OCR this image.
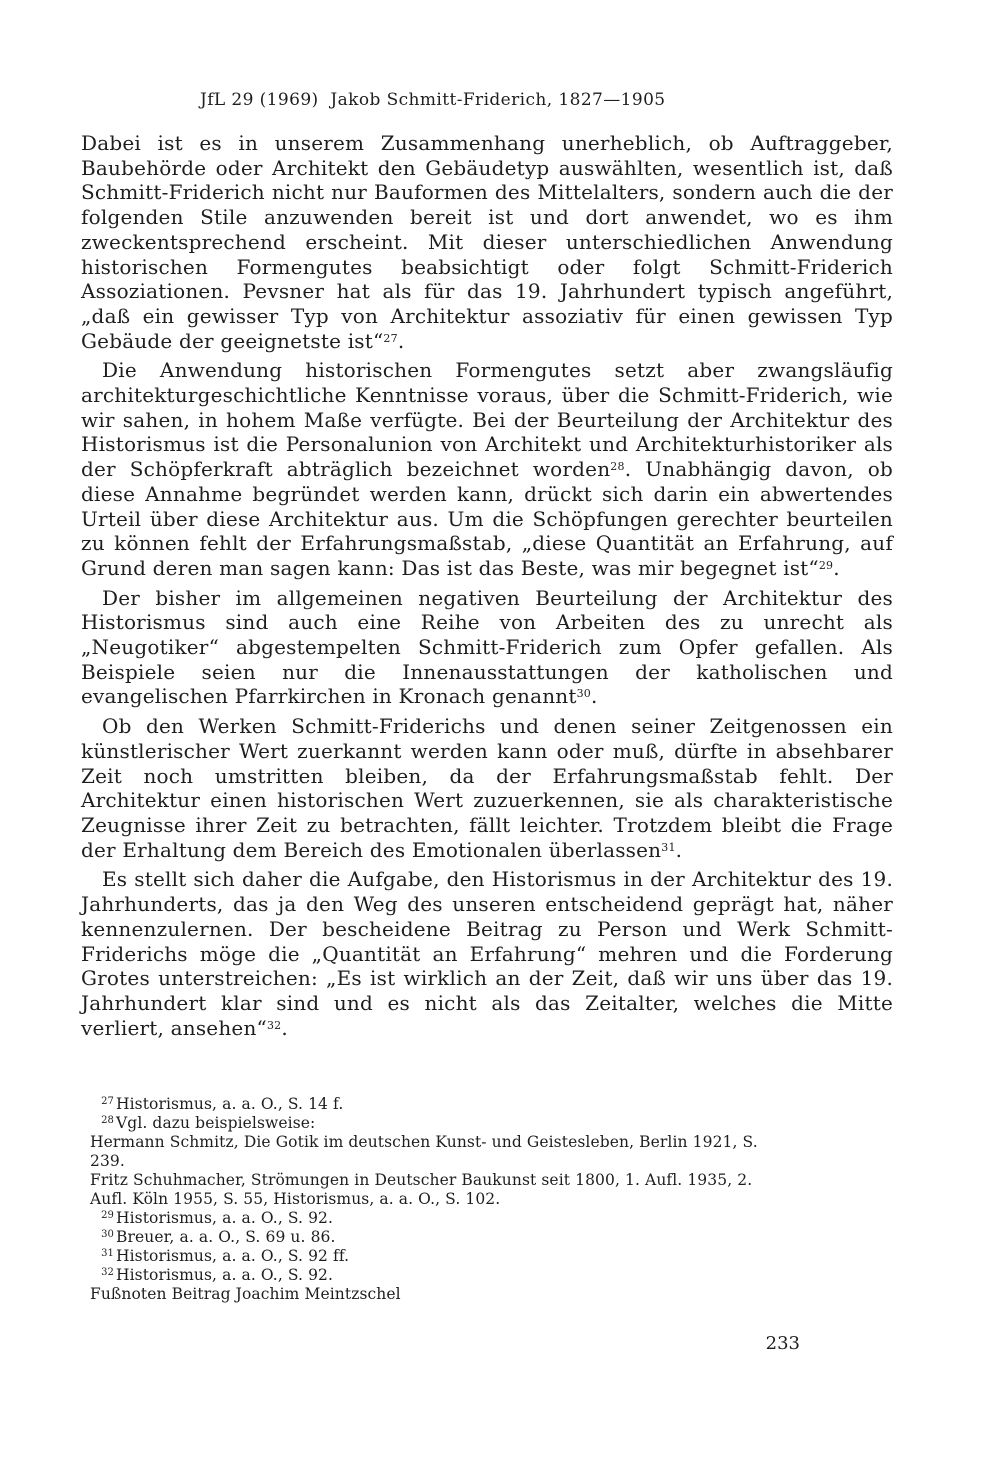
JfL 29 (1969) Jakob Schmitt-Friderich, 1827—1905

Dabei ist es in unserem Zusammenhang unerheblich, ob Auftraggeber, Baubehörde oder Architekt den Gebäudetyp auswählten, wesentlich ist, daß Schmitt-Friderich nicht nur Bauformen des Mittelalters, sondern auch die der folgenden Stile anzuwenden bereit ist und dort anwendet, wo es ihm zweckentsprechend erscheint. Mit dieser unterschiedlichen Anwendung historischen Formengutes beabsichtigt oder folgt Schmitt-Friderich Assoziationen. Pevsner hat als für das 19. Jahrhundert typisch angeführt, „daß ein gewisser Typ von Architektur assoziativ für einen gewissen Typ Gebäude der geeignetste ist“$^{27}$.

Die Anwendung historischen Formengutes setzt aber zwangsläufig architekturgeschichtliche Kenntnisse voraus, über die Schmitt-Friderich, wie wir sahen, in hohem Maße verfügte. Bei der Beurteilung der Architektur des Historismus ist die Personalunion von Architekt und Architekturhistoriker als der Schöpferkraft abträglich bezeichnet worden$^{28}$. Unabhängig davon, ob diese Annahme begründet werden kann, drückt sich darin ein abwertendes Urteil über diese Architektur aus. Um die Schöpfungen gerechter beurteilen zu können fehlt der Erfahrungsmaßstab, „diese Quantität an Erfahrung, auf Grund deren man sagen kann: Das ist das Beste, was mir begegnet ist“$^{29}$.

Der bisher im allgemeinen negativen Beurteilung der Architektur des Historismus sind auch eine Reihe von Arbeiten des zu unrecht als „Neugotiker“ abgestempelten Schmitt-Friderich zum Opfer gefallen. Als Beispiele seien nur die Innenausstattungen der katholischen und evangelischen Pfarrkirchen in Kronach genannt$^{30}$.

Ob den Werken Schmitt-Friderichs und denen seiner Zeitgenossen ein künstlerischer Wert zuerkannt werden kann oder muß, dürfte in absehbarer Zeit noch umstritten bleiben, da der Erfahrungsmaßstab fehlt. Der Architektur einen historischen Wert zuzuerkennen, sie als charakteristische Zeugnisse ihrer Zeit zu betrachten, fällt leichter. Trotzdem bleibt die Frage der Erhaltung dem Bereich des Emotionalen überlassen$^{31}$.

Es stellt sich daher die Aufgabe, den Historismus in der Architektur des 19. Jahrhunderts, das ja den Weg des unseren entscheidend geprägt hat, näher kennenzulernen. Der bescheidene Beitrag zu Person und Werk Schmitt-Friderichs möge die „Quantität an Erfahrung“ mehren und die Forderung Grotes unterstreichen: „Es ist wirklich an der Zeit, daß wir uns über das 19. Jahrhundert klar sind und es nicht als das Zeitalter, welches die Mitte verliert, ansehen“$^{32}$.

27 Historismus, a. a. O., S. 14 f.
28 Vgl. dazu beispielsweise:
Hermann Schmitz, Die Gotik im deutschen Kunst- und Geistesleben, Berlin 1921, S. 239.
Fritz Schuhmacher, Strömungen in Deutscher Baukunst seit 1800, 1. Aufl. 1935, 2. Aufl. Köln 1955, S. 55, Historismus, a. a. O., S. 102.
29 Historismus, a. a. O., S. 92.
30 Breuer, a. a. O., S. 69 u. 86.
31 Historismus, a. a. O., S. 92 ff.
32 Historismus, a. a. O., S. 92.
Fußnoten Beitrag Joachim Meintzschel
233
